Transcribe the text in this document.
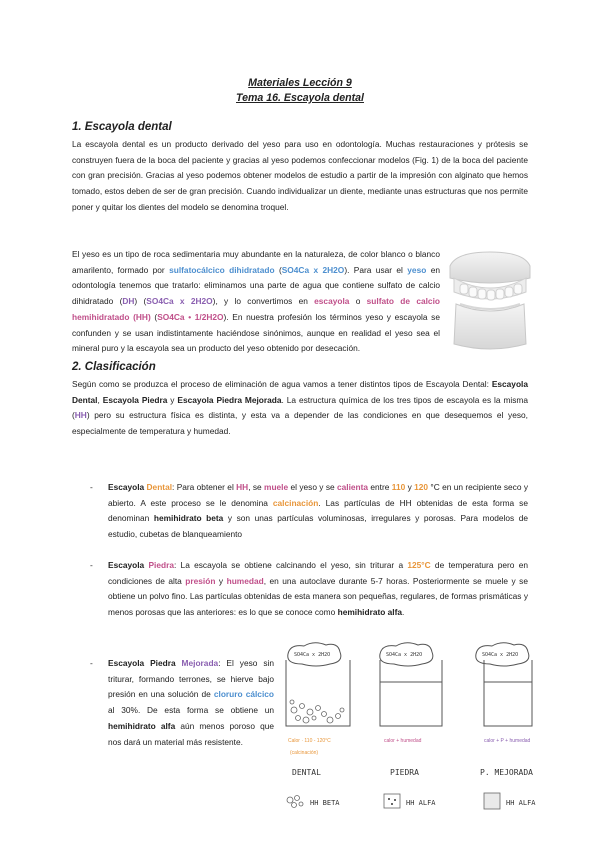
Materiales Lección 9
Tema 16. Escayola dental
1. Escayola dental

La escayola dental es un producto derivado del yeso para uso en odontología. Muchas restauraciones y prótesis se construyen fuera de la boca del paciente y gracias al yeso podemos confeccionar modelos (Fig. 1) de la boca del paciente con gran precisión. Gracias al yeso podemos obtener modelos de estudio a partir de la impresión con alginato que hemos tomado, estos deben de ser de gran precisión. Cuando individualizar un diente, mediante unas estructuras que nos permite poner y quitar los dientes del modelo se denomina troquel.

El yeso es un tipo de roca sedimentaria muy abundante en la naturaleza, de color blanco o blanco amarilento, formado por sulfatocálcico dihidratado (SO4Ca x 2H2O). Para usar el yeso en odontología tenemos que tratarlo: eliminamos una parte de agua que contiene sulfato de calcio dihidratado (DH) (SO4Ca x 2H2O), y lo convertimos en escayola o sulfato de calcio hemihidratado (HH) (SO4Ca • 1/2H2O). En nuestra profesión los términos yeso y escayola se confunden y se usan indistintamente haciéndose sinónimos, aunque en realidad el yeso sea el mineral puro y la escayola sea un producto del yeso obtenido por desecación.

2. Clasificación

Según como se produzca el proceso de eliminación de agua vamos a tener distintos tipos de Escayola Dental: Escayola Dental, Escayola Piedra y Escayola Piedra Mejorada. La estructura química de los tres tipos de escayola es la misma (HH) pero su estructura física es distinta, y esta va a depender de las condiciones en que desequemos el yeso, especialmente de temperatura y humedad.

- Escayola Dental: Para obtener el HH, se muele el yeso y se calienta entre 110 y 120 °C en un recipiente seco y abierto. A este proceso se le denomina calcinación. Las partículas de HH obtenidas de esta forma se denominan hemihidrato beta y son unas partículas voluminosas, irregulares y porosas. Para modelos de estudio, cubetas de blanqueamiento

- Escayola Piedra: La escayola se obtiene calcinando el yeso, sin triturar a 125°C de temperatura pero en condiciones de alta presión y humedad, en una autoclave durante 5-7 horas. Posteriormente se muele y se obtiene un polvo fino. Las partículas obtenidas de esta manera son pequeñas, regulares, de formas prismáticas y menos porosas que las anteriores: es lo que se conoce como hemihidrato alfa.

- Escayola Piedra Mejorada: El yeso sin triturar, formando terrones, se hierve bajo presión en una solución de cloruro cálcico al 30%. De esta forma se obtiene un hemihidrato alfa aún menos poroso que nos dará un material más resistente.

SO4Ca x 2H2O	SO4Ca x 2H2O	SO4Ca x 2H2O
Calor · 110 - 120°C
(calcinación)
calor + humedad	calor + P + humedad
DENTAL	PIEDRA	P. MEJORADA
HH BETA	HH ALFA	HH ALFA
